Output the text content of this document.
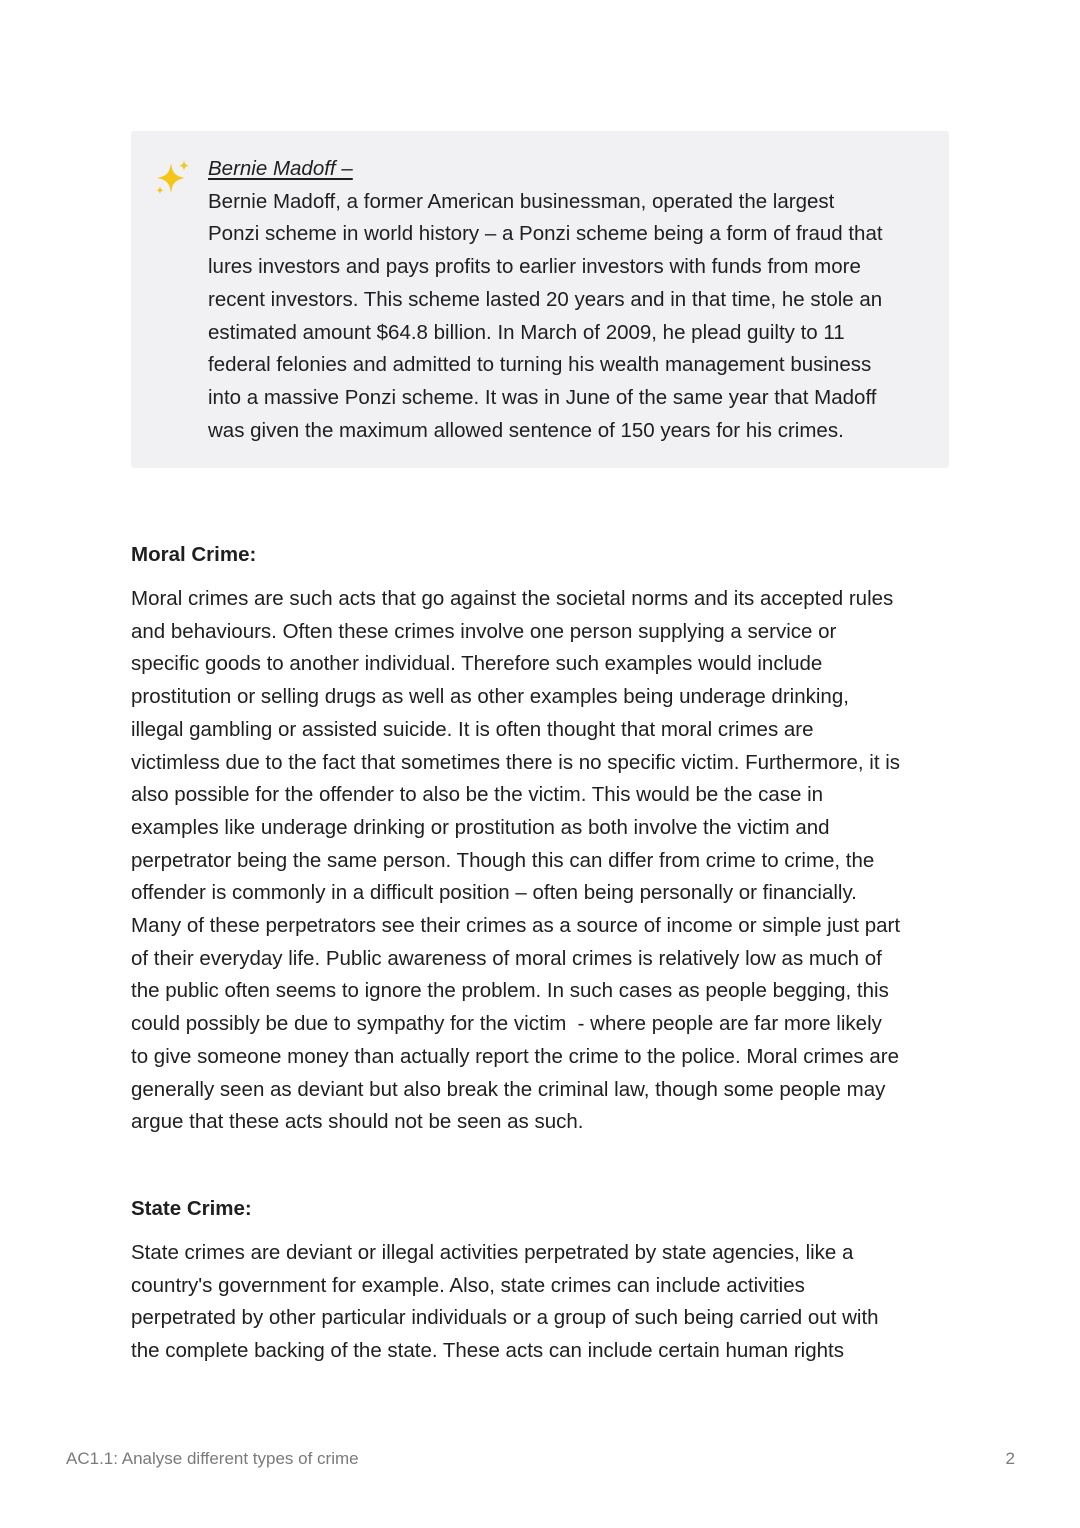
Bernie Madoff –
Bernie Madoff, a former American businessman, operated the largest
Ponzi scheme in world history – a Ponzi scheme being a form of fraud that
lures investors and pays profits to earlier investors with funds from more
recent investors. This scheme lasted 20 years and in that time, he stole an
estimated amount $64.8 billion. In March of 2009, he plead guilty to 11
federal felonies and admitted to turning his wealth management business
into a massive Ponzi scheme. It was in June of the same year that Madoff
was given the maximum allowed sentence of 150 years for his crimes.
Moral Crime:
Moral crimes are such acts that go against the societal norms and its accepted rules
and behaviours. Often these crimes involve one person supplying a service or
specific goods to another individual. Therefore such examples would include
prostitution or selling drugs as well as other examples being underage drinking,
illegal gambling or assisted suicide. It is often thought that moral crimes are
victimless due to the fact that sometimes there is no specific victim. Furthermore, it is
also possible for the offender to also be the victim. This would be the case in
examples like underage drinking or prostitution as both involve the victim and
perpetrator being the same person. Though this can differ from crime to crime, the
offender is commonly in a difficult position – often being personally or financially.
Many of these perpetrators see their crimes as a source of income or simple just part
of their everyday life. Public awareness of moral crimes is relatively low as much of
the public often seems to ignore the problem. In such cases as people begging, this
could possibly be due to sympathy for the victim  - where people are far more likely
to give someone money than actually report the crime to the police. Moral crimes are
generally seen as deviant but also break the criminal law, though some people may
argue that these acts should not be seen as such.
State Crime:
State crimes are deviant or illegal activities perpetrated by state agencies, like a
country's government for example. Also, state crimes can include activities
perpetrated by other particular individuals or a group of such being carried out with
the complete backing of the state. These acts can include certain human rights
AC1.1: Analyse different types of crime	2
